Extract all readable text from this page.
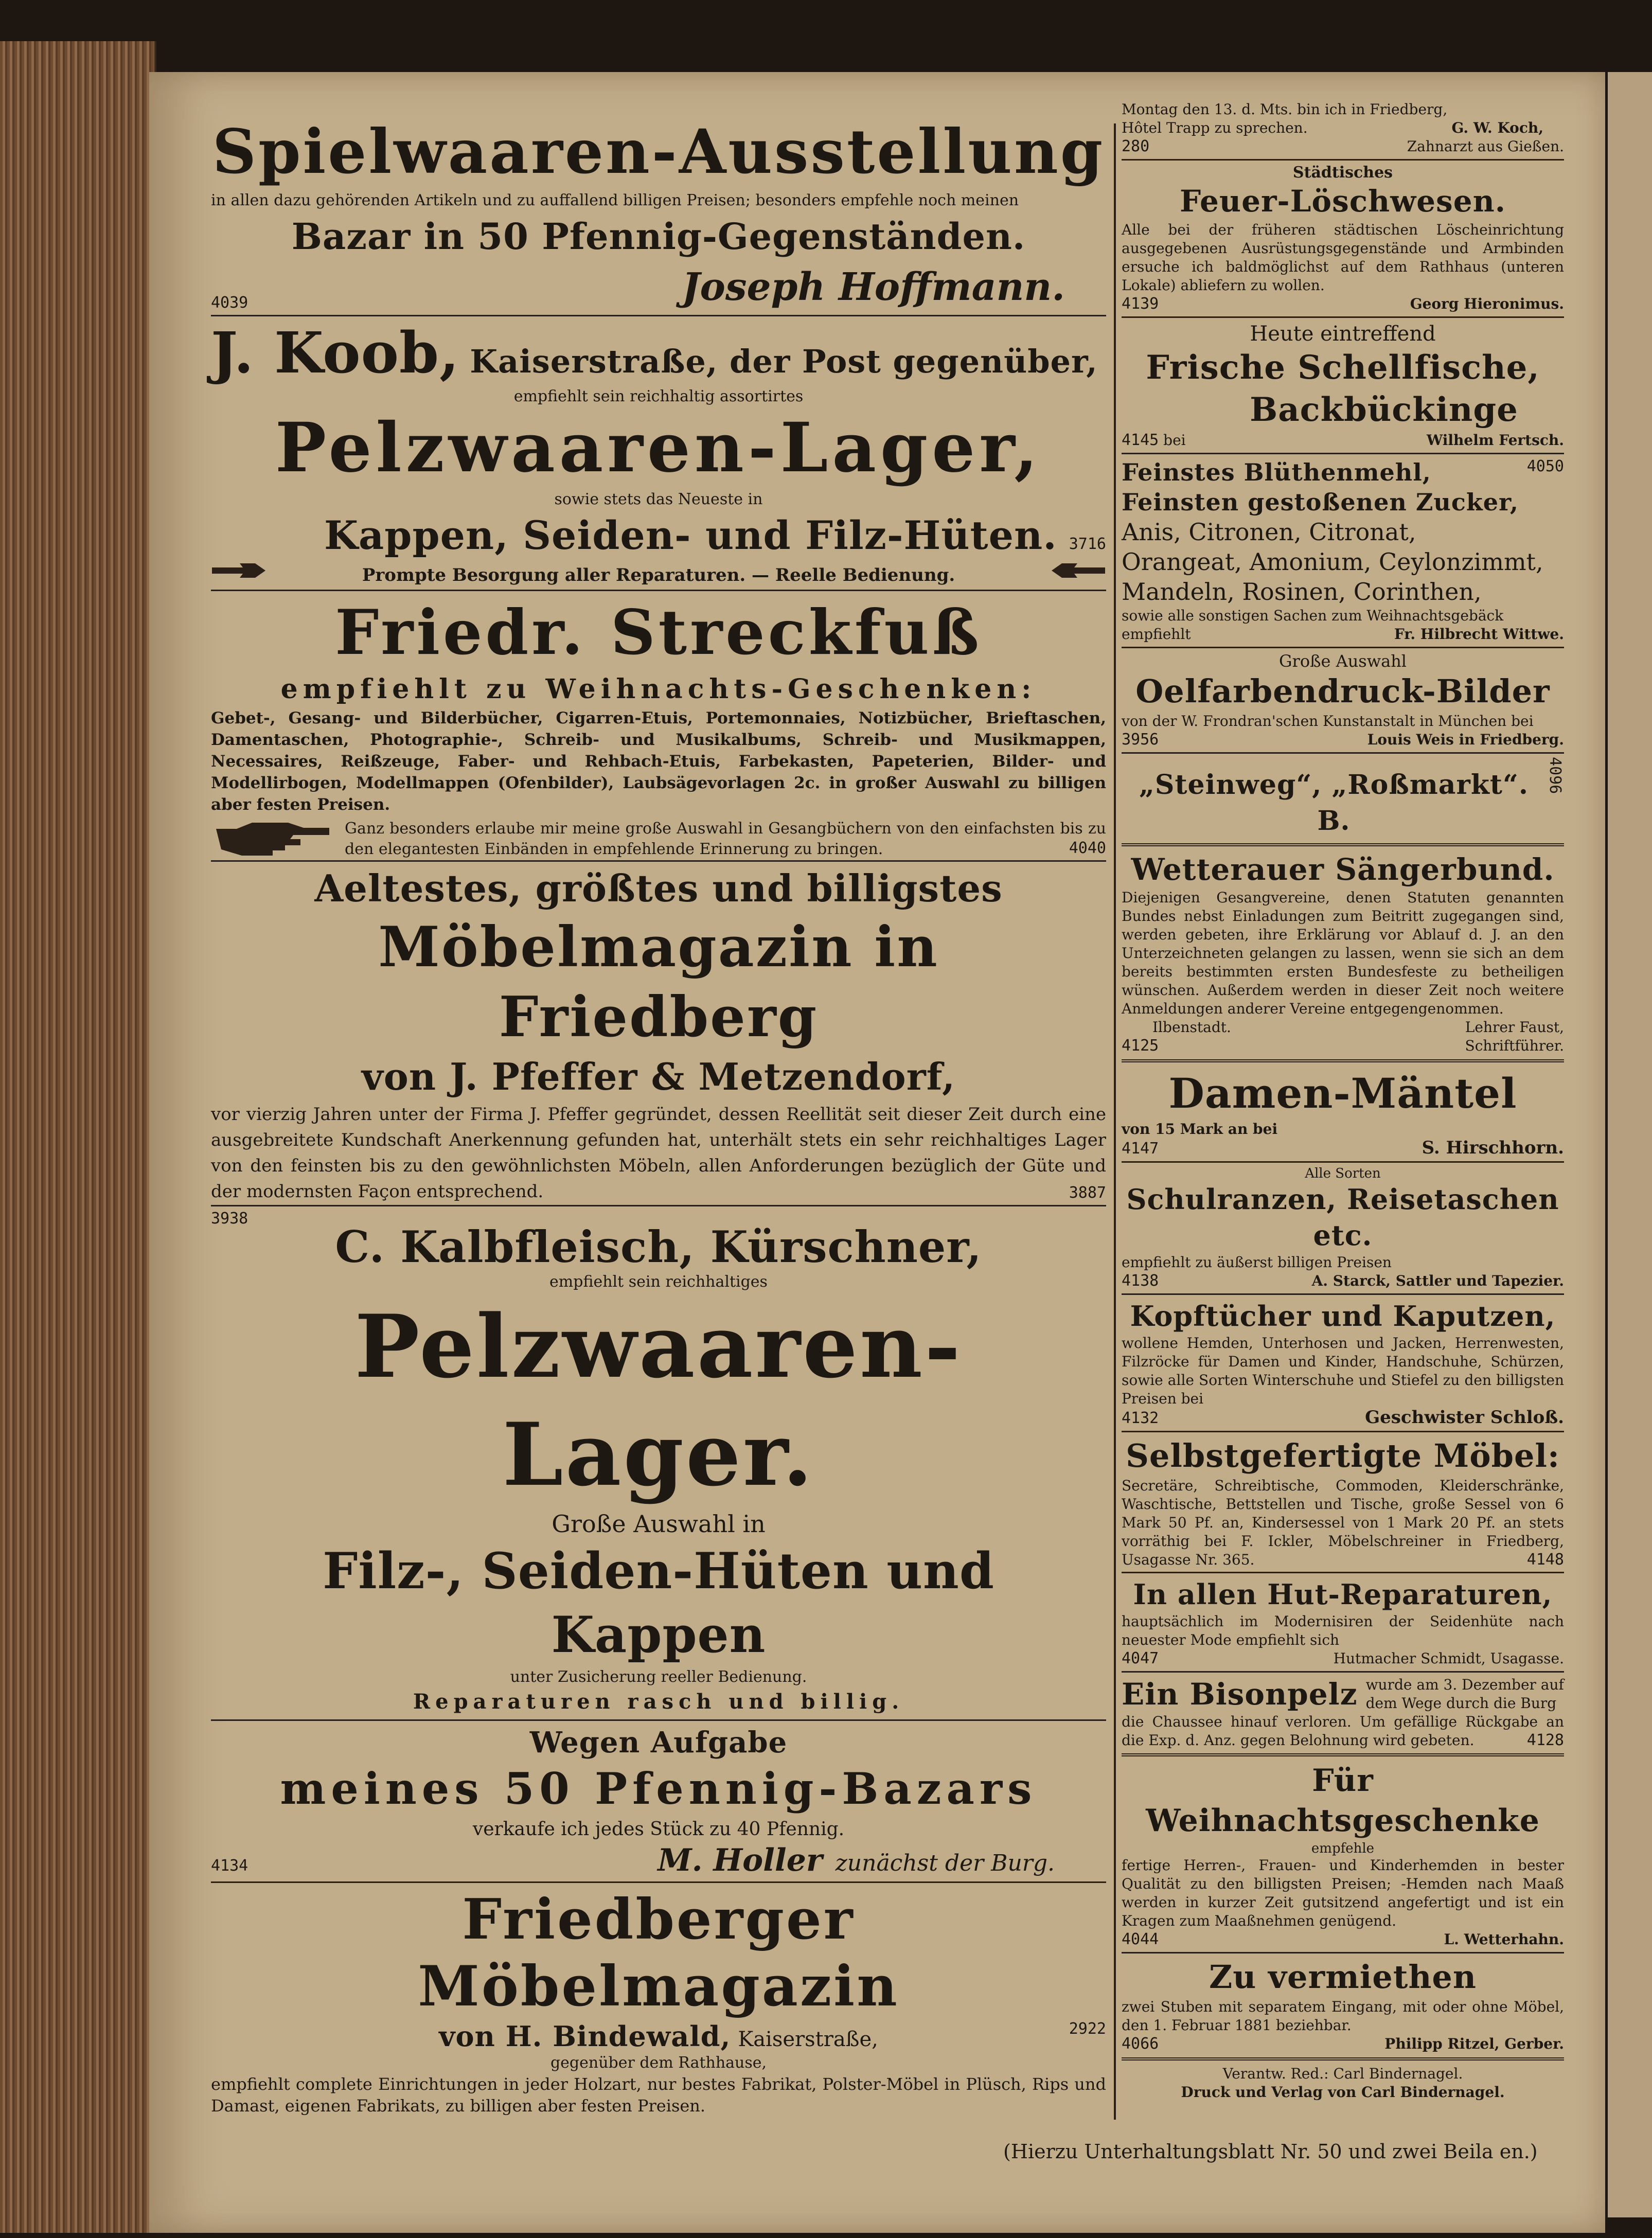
Spielwaaren-Ausstellung
in allen dazu gehörenden Artikeln und zu auffallend billigen Preisen; besonders empfehle noch meinen
Bazar in 50 Pfennig-Gegenständen.
4039	Joseph Hoffmann.
J. Koob, Kaiserstraße, der Post gegenüber,
empfiehlt sein reichhaltig assortirtes
Pelzwaaren-Lager,
sowie stets das Neueste in
Kappen, Seiden- und Filz-Hüten. 3716
Prompte Besorgung aller Reparaturen. — Reelle Bedienung.
Friedr. Streckfuß
empfiehlt zu Weihnachts-Geschenken:
Gebet-, Gesang- und Bilderbücher, Cigarren-Etuis, Portemonnaies, Notizbücher, Brieftaschen, Damentaschen, Photographie-, Schreib- und Musikalbums, Schreib- und Musikmappen, Necessaires, Reißzeuge, Faber- und Rehbach-Etuis, Farbekasten, Papeterien, Bilder- und Modellirbogen, Modellmappen (Ofenbilder), Laubsägevorlagen 2c. in großer Auswahl zu billigen aber festen Preisen.
Ganz besonders erlaube mir meine große Auswahl in Gesangbüchern von den einfachsten bis zu den elegantesten Einbänden in empfehlende Erinnerung zu bringen.	4040
Aeltestes, größtes und billigstes
Möbelmagazin in Friedberg
von J. Pfeffer & Metzendorf,
vor vierzig Jahren unter der Firma J. Pfeffer gegründet, dessen Reellität seit dieser Zeit durch eine ausgebreitete Kundschaft Anerkennung gefunden hat, unterhält stets ein sehr reichhaltiges Lager von den feinsten bis zu den gewöhnlichsten Möbeln, allen Anforderungen bezüglich der Güte und der modernsten Façon entsprechend.	3887
3938
C. Kalbfleisch, Kürschner,
empfiehlt sein reichhaltiges
Pelzwaaren-Lager.
Große Auswahl in
Filz-, Seiden-Hüten und Kappen
unter Zusicherung reeller Bedienung.
Reparaturen rasch und billig.
Wegen Aufgabe
meines 50 Pfennig-Bazars
verkaufe ich jedes Stück zu 40 Pfennig.
4134	M. Holler zunächst der Burg.
Friedberger Möbelmagazin
von H. Bindewald, Kaiserstraße,	2922
gegenüber dem Rathhause,
empfiehlt complete Einrichtungen in jeder Holzart, nur bestes Fabrikat, Polster-Möbel in Plüsch, Rips und Damast, eigenen Fabrikats, zu billigen aber festen Preisen.
Montag den 13. d. Mts. bin ich in Friedberg,
Hôtel Trapp zu sprechen.	G. W. Koch,
280	Zahnarzt aus Gießen.
Städtisches
Feuer-Löschwesen.
Alle bei der früheren städtischen Löscheinrichtung ausgegebenen Ausrüstungsgegenstände und Armbinden ersuche ich baldmöglichst auf dem Rathhaus (unteren Lokale) abliefern zu wollen.
4139	Georg Hieronimus.
Heute eintreffend
Frische Schellfische,
Backbückinge
4145 bei	Wilhelm Fertsch.
4050
Feinstes Blüthenmehl,
Feinsten gestoßenen Zucker,
Anis, Citronen, Citronat,
Orangeat, Amonium, Ceylonzimmt,
Mandeln, Rosinen, Corinthen,
sowie alle sonstigen Sachen zum Weihnachtsgebäck empfiehlt	Fr. Hilbrecht Wittwe.
Große Auswahl
Oelfarbendruck-Bilder
von der W. Frondran'schen Kunstanstalt in München bei
3956	Louis Weis in Friedberg.
„Steinweg“, „Roßmarkt“. B.
4096
Wetterauer Sängerbund.
Diejenigen Gesangvereine, denen Statuten genannten Bundes nebst Einladungen zum Beitritt zugegangen sind, werden gebeten, ihre Erklärung vor Ablauf d. J. an den Unterzeichneten gelangen zu lassen, wenn sie sich an dem bereits bestimmten ersten Bundesfeste zu betheiligen wünschen. Außerdem werden in dieser Zeit noch weitere Anmeldungen anderer Vereine entgegengenommen.
Ilbenstadt.	Lehrer Faust,
4125	Schriftführer.
Damen-Mäntel
von 15 Mark an bei
4147	S. Hirschhorn.
Alle Sorten
Schulranzen, Reisetaschen etc.
empfiehlt zu äußerst billigen Preisen
4138	A. Starck, Sattler und Tapezier.
Kopftücher und Kaputzen,
wollene Hemden, Unterhosen und Jacken, Herrenwesten, Filzröcke für Damen und Kinder, Handschuhe, Schürzen, sowie alle Sorten Winterschuhe und Stiefel zu den billigsten Preisen bei
4132	Geschwister Schloß.
Selbstgefertigte Möbel:
Secretäre, Schreibtische, Commoden, Kleiderschränke, Waschtische, Bettstellen und Tische, große Sessel von 6 Mark 50 Pf. an, Kindersessel von 1 Mark 20 Pf. an stets vorräthig bei F. Ickler, Möbelschreiner in Friedberg, Usagasse Nr. 365.	4148
In allen Hut-Reparaturen,
hauptsächlich im Modernisiren der Seidenhüte nach neuester Mode empfiehlt sich
4047	Hutmacher Schmidt, Usagasse.
Ein Bisonpelz wurde am 3. Dezember auf dem Wege durch die Burg
die Chaussee hinauf verloren. Um gefällige Rückgabe an die Exp. d. Anz. gegen Belohnung wird gebeten.	4128
Für Weihnachtsgeschenke
empfehle
fertige Herren-, Frauen- und Kinderhemden in bester Qualität zu den billigsten Preisen; -Hemden nach Maaß werden in kurzer Zeit gutsitzend angefertigt und ist ein Kragen zum Maaßnehmen genügend.
4044	L. Wetterhahn.
Zu vermiethen
zwei Stuben mit separatem Eingang, mit oder ohne Möbel, den 1. Februar 1881 beziehbar.
4066	Philipp Ritzel, Gerber.
Verantw. Red.: Carl Bindernagel.
Druck und Verlag von Carl Bindernagel.
(Hierzu Unterhaltungsblatt Nr. 50 und zwei Beila en.)
